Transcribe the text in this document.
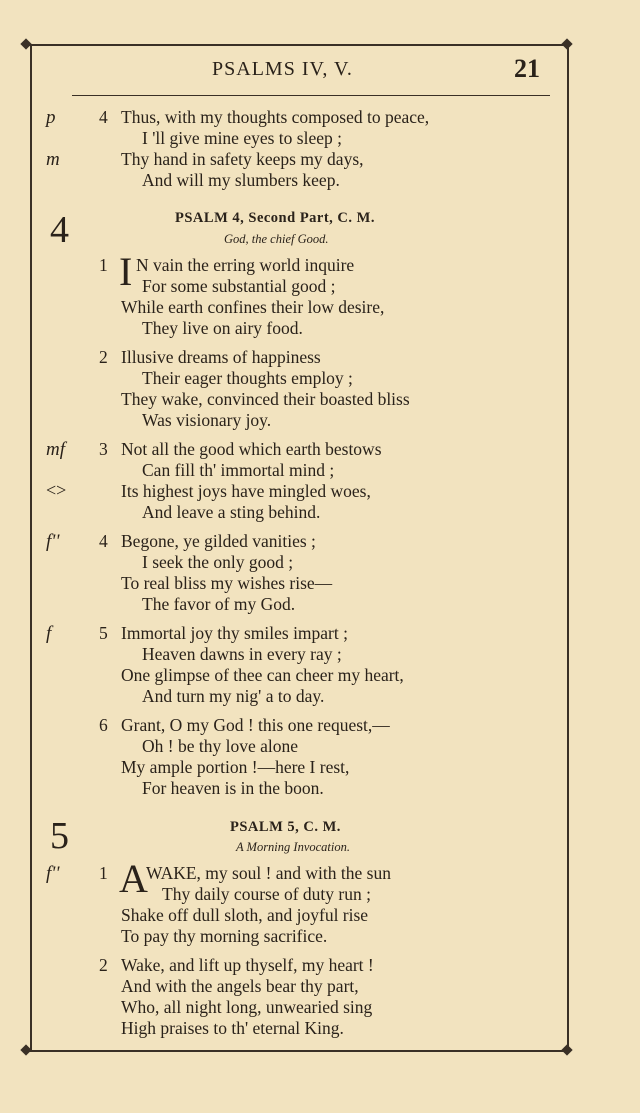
PSALMS IV, V.	21
p 4 Thus, with my thoughts composed to peace,
I 'll give mine eyes to sleep ;
m	Thy hand in safety keeps my days,
And will my slumbers keep.
4	PSALM 4, Second Part, C. M.
God, the chief Good.
1 I N vain the erring world inquire
For some substantial good ;
While earth confines their low desire,
They live on airy food.
2 Illusive dreams of happiness
Their eager thoughts employ ;
They wake, convinced their boasted bliss
Was visionary joy.
mf 3 Not all the good which earth bestows
Can fill th' immortal mind ;
<>	Its highest joys have mingled woes,
And leave a sting behind.
f'' 4 Begone, ye gilded vanities ;
I seek the only good ;
To real bliss my wishes rise—
The favor of my God.
f	5 Immortal joy thy smiles impart ;
Heaven dawns in every ray ;
One glimpse of thee can cheer my heart,
And turn my nig' a to day.
6 Grant, O my God ! this one request,—
Oh ! be thy love alone
My ample portion !—here I rest,
For heaven is in the boon.
5	PSALM 5, C. M.
A Morning Invocation.
f'' 1 A
WAKE, my soul ! and with the sun
Thy daily course of duty run ;
Shake off dull sloth, and joyful rise
To pay thy morning sacrifice.
2 Wake, and lift up thyself, my heart !
And with the angels bear thy part,
Who, all night long, unwearied sing
High praises to th' eternal King.
